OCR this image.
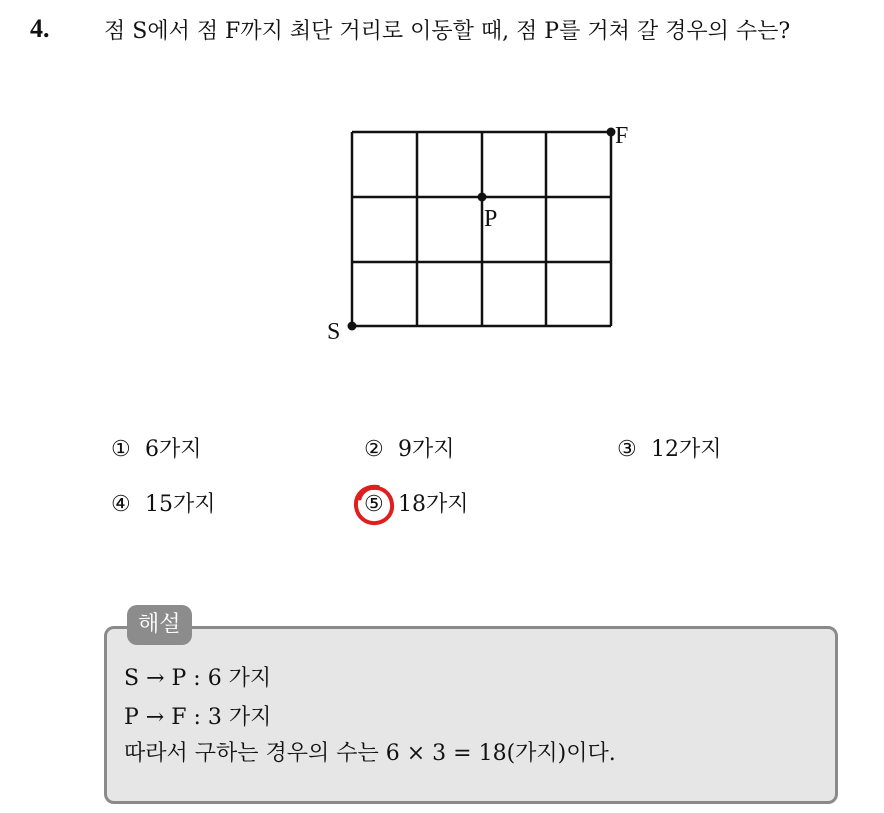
4. 점 S에서 점 F까지 최단 거리로 이동할 때, 점 P를 거쳐 갈 경우의 수는?
S
F
P
① 6가지	② 9가지	③ 12가지
④ 15가지	⑤ 18가지
해설
S → P : 6 가지
P → F : 3 가지
따라서 구하는 경우의 수는 6 × 3 = 18(가지)이다.
